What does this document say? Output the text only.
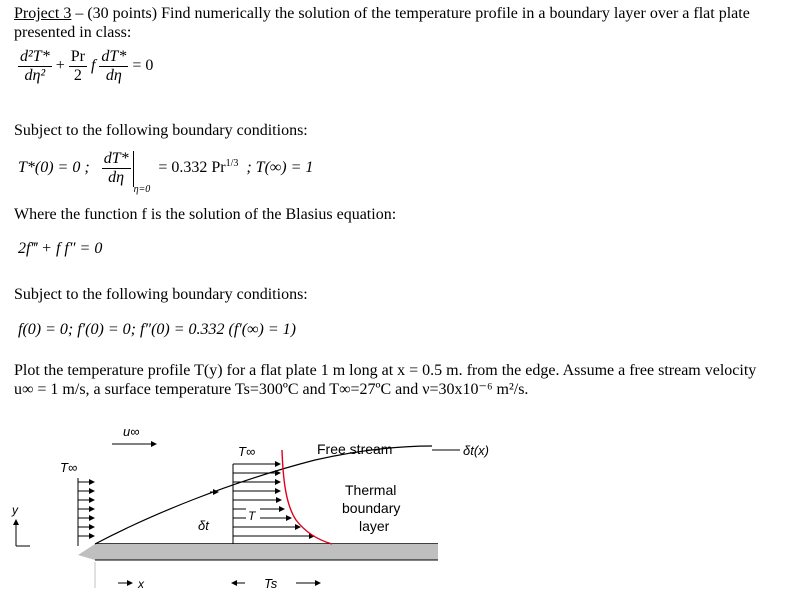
Project 3 – (30 points) Find numerically the solution of the temperature profile in a boundary layer over a flat plate presented in class:
$\frac{\text{d²T*}}{\text{dη²}} + \frac{Pr}{2}$ f $\frac{dT*}{d\eta} = 0$
Subject to the following boundary conditions:
T*(0) = 0 ; $\frac{dT*}{d\eta}$
$_{\eta=0}$  = 0.332 $Pr^{1/3}$ ; T(∞) = 1
Where the function f is the solution of the Blasius equation:
2f‴ + f f″ = 0
Subject to the following boundary conditions:
f(0) = 0; f′(0) = 0; f″(0) = 0.332 (f′(∞) = 1)
Plot the temperature profile T(y) for a flat plate 1 m long at x = 0.5 m. from the edge. Assume a free stream velocity u∞ = 1 m/s, a surface temperature Ts=300ºC and T∞=27ºC and ν=30x10⁻⁶ m²/s.
u∞
T∞
y
x
δt
T∞
T
Ts
Free stream	δt(x)
Thermal
boundary
layer
